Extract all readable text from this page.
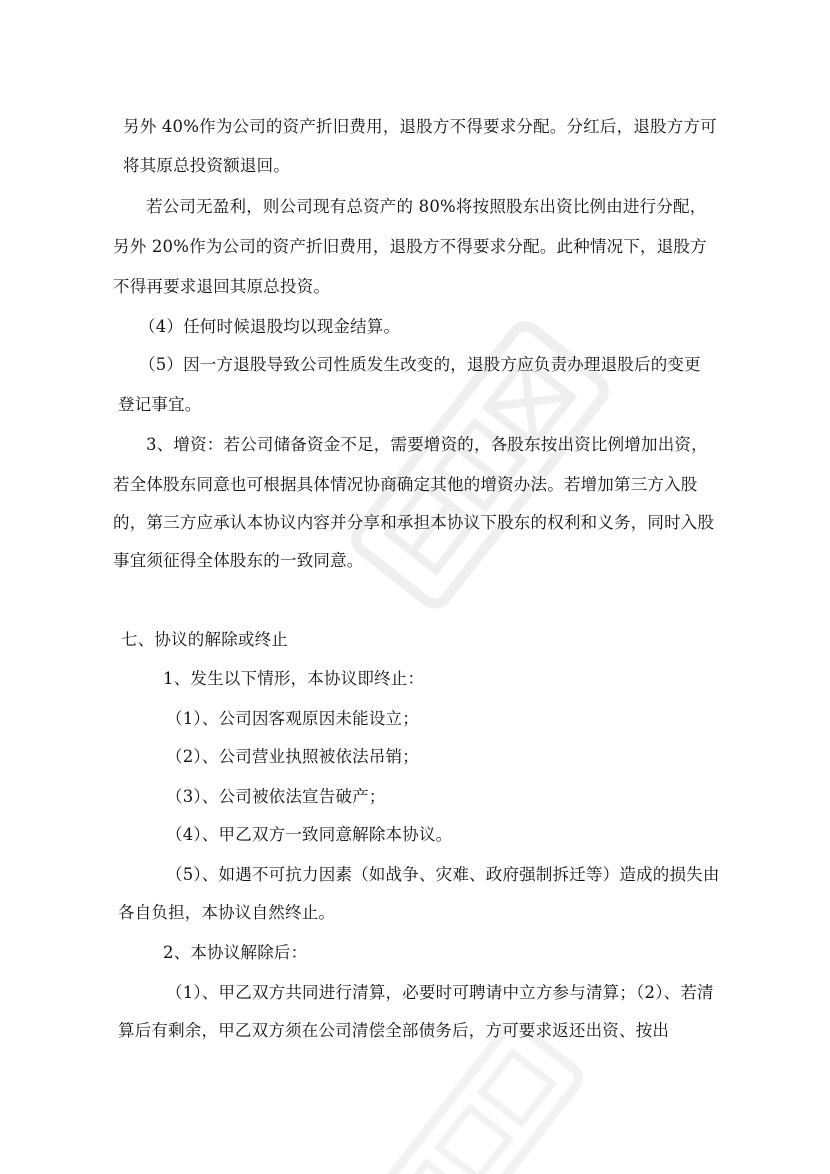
另外 40%作为公司的资产折旧费用，退股方不得要求分配。分红后，退股方方可
将其原总投资额退回。
若公司无盈利，则公司现有总资产的 80%将按照股东出资比例由进行分配，
另外 20%作为公司的资产折旧费用，退股方不得要求分配。此种情况下，退股方
不得再要求退回其原总投资。
（4）任何时候退股均以现金结算。
（5）因一方退股导致公司性质发生改变的，退股方应负责办理退股后的变更
登记事宜。
3、增资：若公司储备资金不足，需要增资的，各股东按出资比例增加出资，
若全体股东同意也可根据具体情况协商确定其他的增资办法。若增加第三方入股
的，第三方应承认本协议内容并分享和承担本协议下股东的权利和义务，同时入股
事宜须征得全体股东的一致同意。
七、协议的解除或终止
1、发生以下情形，本协议即终止：
（1）、公司因客观原因未能设立；
（2）、公司营业执照被依法吊销；
（3）、公司被依法宣告破产；
（4）、甲乙双方一致同意解除本协议。
（5）、如遇不可抗力因素（如战争、灾难、政府强制拆迁等）造成的损失由
各自负担，本协议自然终止。
2、本协议解除后：
（1）、甲乙双方共同进行清算，必要时可聘请中立方参与清算；（2）、若清
算后有剩余，甲乙双方须在公司清偿全部债务后，方可要求返还出资、按出
